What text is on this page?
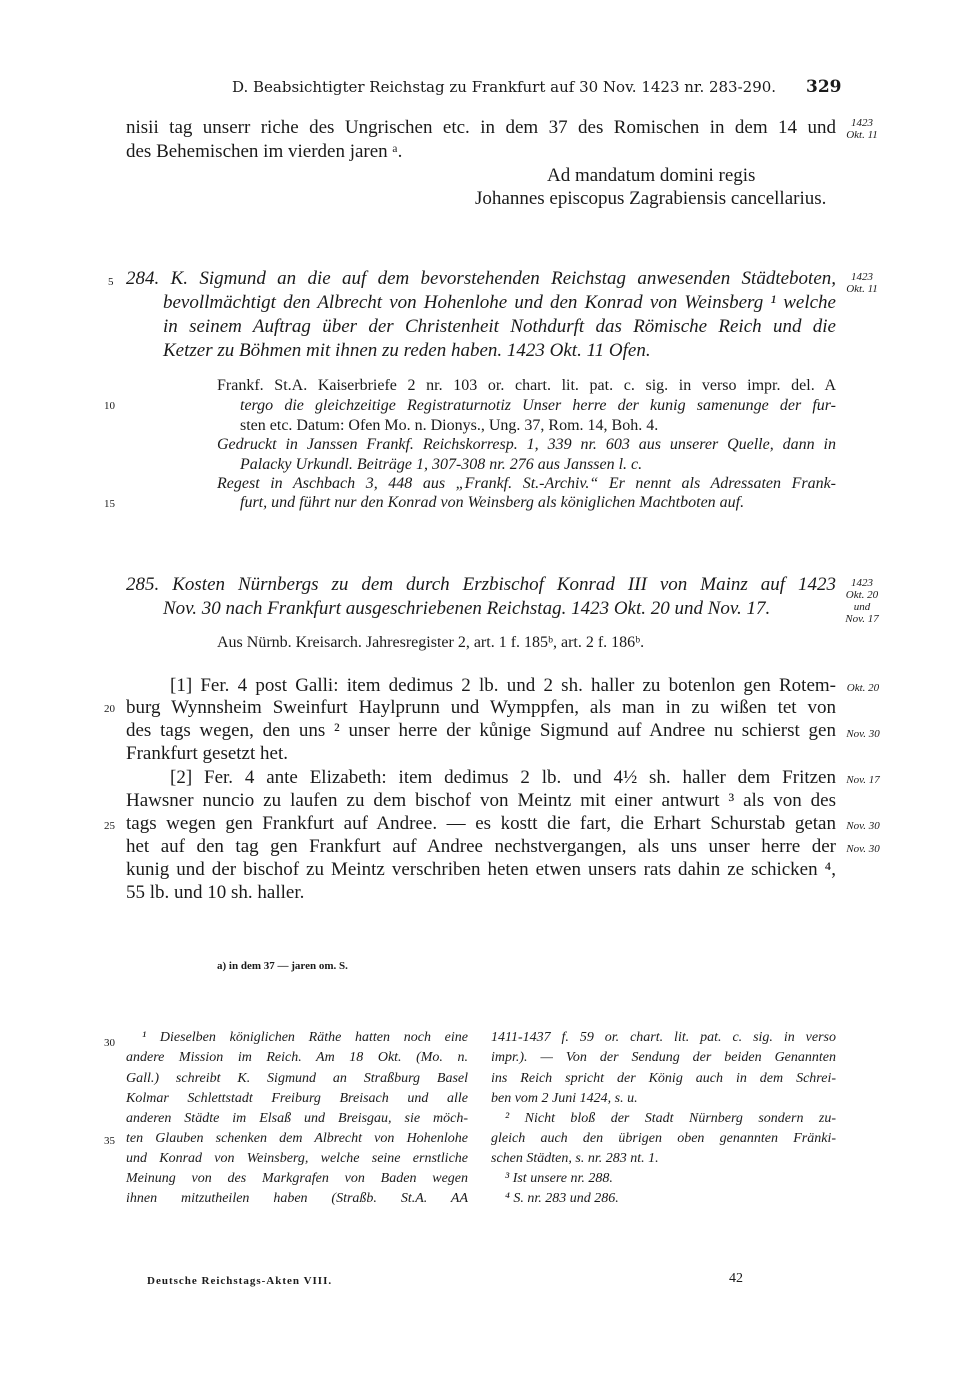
D. Beabsichtigter Reichstag zu Frankfurt auf 30 Nov. 1423 nr. 283-290. 329
nisii tag unserr riche des Ungrischen etc. in dem 37 des Romischen in dem 14 und
des Behemischen im vierden jaren ᵃ.
Ad mandatum domini regis
Johannes episcopus Zagrabiensis cancellarius.
1423
Okt. 11
5 284. K. Sigmund an die auf dem bevorstehenden Reichstag anwesenden Städteboten,
bevollmächtigt den Albrecht von Hohenlohe und den Konrad von Weinsberg ¹ welche
in seinem Auftrag über der Christenheit Nothdurft das Römische Reich und die
Ketzer zu Böhmen mit ihnen zu reden haben. 1423 Okt. 11 Ofen.
1423
Okt. 11
Frankf. St.A. Kaiserbriefe 2 nr. 103 or. chart. lit. pat. c. sig. in verso impr. del. A
10	tergo die gleichzeitige Registraturnotiz Unser herre der kunig samenunge der fur-
sten etc. Datum: Ofen Mo. n. Dionys., Ung. 37, Rom. 14, Boh. 4.
Gedruckt in Janssen Frankf. Reichskorresp. 1, 339 nr. 603 aus unserer Quelle, dann in
Palacky Urkundl. Beiträge 1, 307-308 nr. 276 aus Janssen l. c.
Regest in Aschbach 3, 448 aus „Frankf. St.-Archiv.“ Er nennt als Adressaten Frank-
15	furt, und führt nur den Konrad von Weinsberg als königlichen Machtboten auf.
285. Kosten Nürnbergs zu dem durch Erzbischof Konrad III von Mainz auf 1423
Nov. 30 nach Frankfurt ausgeschriebenen Reichstag. 1423 Okt. 20 und Nov. 17.
1423
Okt. 20
und
Nov. 17
Aus Nürnb. Kreisarch. Jahresregister 2, art. 1 f. 185ᵇ, art. 2 f. 186ᵇ.
[1] Fer. 4 post Galli: item dedimus 2 lb. und 2 sh. haller zu botenlon gen Rotem- Okt. 20
20 burg Wynnsheim Sweinfurt Haylprunn und Wymppfen, als man in zu wißen tet von
des tags wegen, den uns ² unser herre der kůnige Sigmund auf Andree nu schierst gen Nov. 30
Frankfurt gesetzt het.
[2] Fer. 4 ante Elizabeth: item dedimus 2 lb. und 4½ sh. haller dem Fritzen Nov. 17
Hawsner nuncio zu laufen zu dem bischof von Meintz mit einer antwurt ³ als von des
25 tags wegen gen Frankfurt auf Andree. — es kostt die fart, die Erhart Schurstab getan Nov. 30
het auf den tag gen Frankfurt auf Andree nechstvergangen, als uns unser herre der Nov. 30
kunig und der bischof zu Meintz verschriben heten etwen unsers rats dahin ze schicken ⁴,
55 lb. und 10 sh. haller.
a) in dem 37 — jaren om. S.
30 ¹ Dieselben königlichen Räthe hatten noch eine
andere Mission im Reich. Am 18 Okt. (Mo. n.
Gall.) schreibt K. Sigmund an Straßburg Basel
Kolmar Schlettstadt Freiburg Breisach und alle
anderen Städte im Elsaß und Breisgau, sie möch-
35 ten Glauben schenken dem Albrecht von Hohenlohe
und Konrad von Weinsberg, welche seine ernstliche
Meinung von des Markgrafen von Baden wegen
ihnen mitzutheilen haben (Straßb. St.A. AA
1411-1437 f. 59 or. chart. lit. pat. c. sig. in verso
impr.). — Von der Sendung der beiden Genannten
ins Reich spricht der König auch in dem Schrei-
ben vom 2 Juni 1424, s. u.
² Nicht bloß der Stadt Nürnberg sondern zu-
gleich auch den übrigen oben genannten Fränki-
schen Städten, s. nr. 283 nt. 1.
³ Ist unsere nr. 288.
⁴ S. nr. 283 und 286.
Deutsche Reichstags-Akten VIII.	42
